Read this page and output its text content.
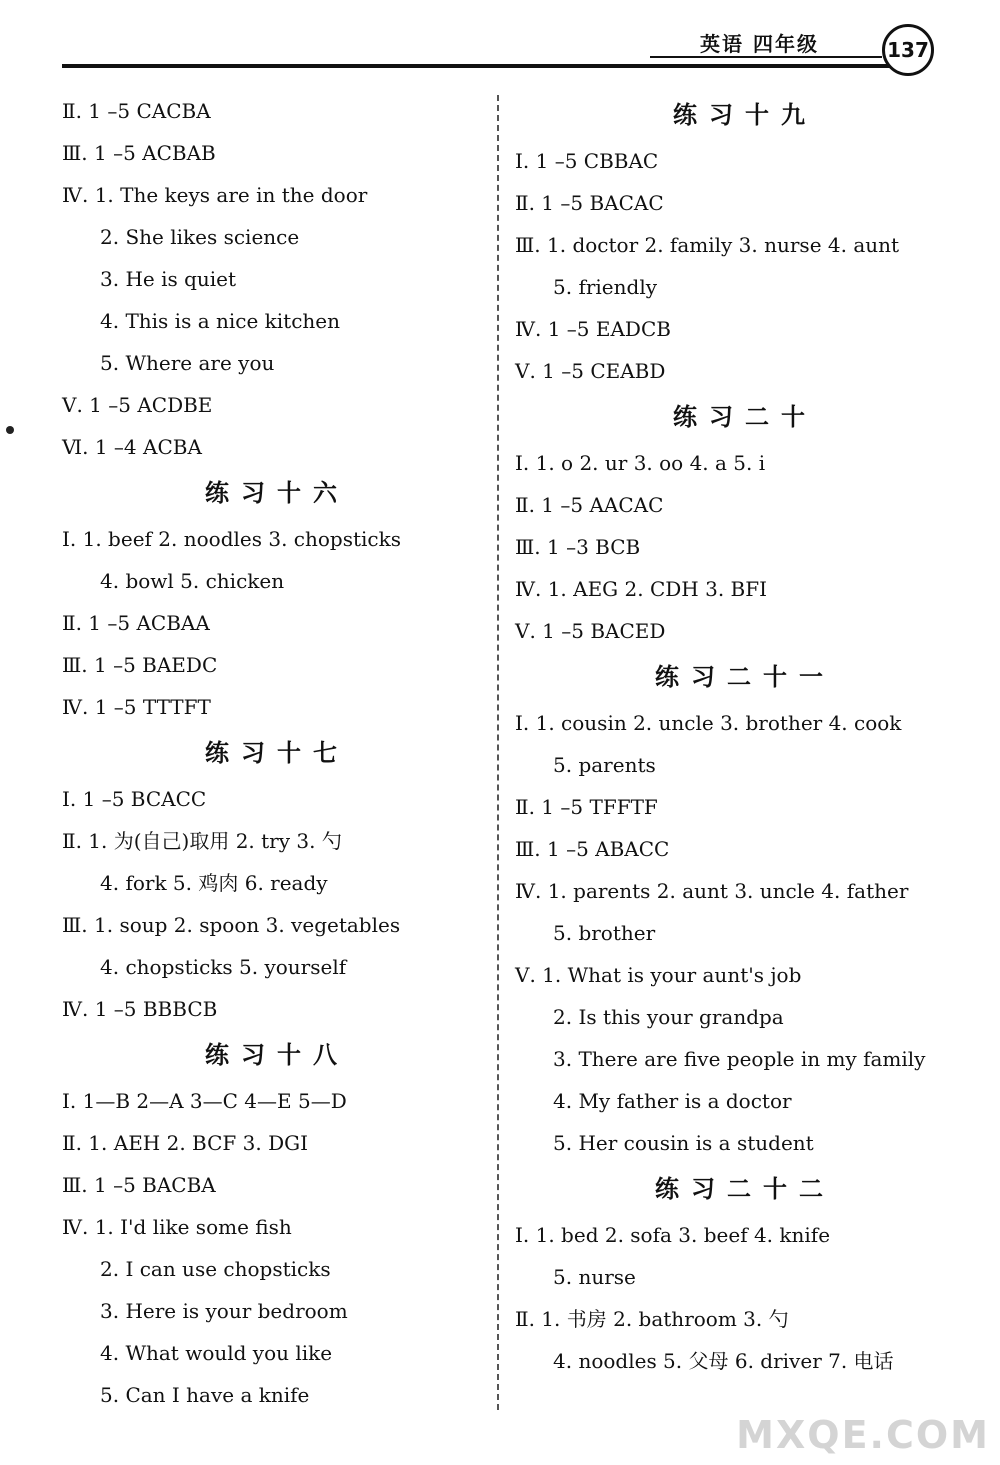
英语 四年级	137
Ⅱ. 1 –5 CACBA
Ⅲ. 1 –5 ACBAB
Ⅳ. 1. The keys are in the door
2. She likes science
3. He is quiet
4. This is a nice kitchen
5. Where are you
Ⅴ. 1 –5 ACDBE
Ⅵ. 1 –4 ACBA
练习十六
Ⅰ. 1. beef 2. noodles 3. chopsticks
4. bowl 5. chicken
Ⅱ. 1 –5 ACBAA
Ⅲ. 1 –5 BAEDC
Ⅳ. 1 –5 TTTFT
练习十七
Ⅰ. 1 –5 BCACC
Ⅱ. 1. 为(自己)取用 2. try 3. 勺
4. fork 5. 鸡肉 6. ready
Ⅲ. 1. soup 2. spoon 3. vegetables
4. chopsticks 5. yourself
Ⅳ. 1 –5 BBBCB
练习十八
Ⅰ. 1—B 2—A 3—C 4—E 5—D
Ⅱ. 1. AEH 2. BCF 3. DGI
Ⅲ. 1 –5 BACBA
Ⅳ. 1. I'd like some fish
2. I can use chopsticks
3. Here is your bedroom
4. What would you like
5. Can I have a knife
练习十九
Ⅰ. 1 –5 CBBAC
Ⅱ. 1 –5 BACAC
Ⅲ. 1. doctor 2. family 3. nurse 4. aunt
5. friendly
Ⅳ. 1 –5 EADCB
Ⅴ. 1 –5 CEABD
练习二十
Ⅰ. 1. o 2. ur 3. oo 4. a 5. i
Ⅱ. 1 –5 AACAC
Ⅲ. 1 –3 BCB
Ⅳ. 1. AEG 2. CDH 3. BFI
Ⅴ. 1 –5 BACED
练习二十一
Ⅰ. 1. cousin 2. uncle 3. brother 4. cook
5. parents
Ⅱ. 1 –5 TFFTF
Ⅲ. 1 –5 ABACC
Ⅳ. 1. parents 2. aunt 3. uncle 4. father
5. brother
Ⅴ. 1. What is your aunt's job
2. Is this your grandpa
3. There are five people in my family
4. My father is a doctor
5. Her cousin is a student
练习二十二
Ⅰ. 1. bed 2. sofa 3. beef 4. knife
5. nurse
Ⅱ. 1. 书房 2. bathroom 3. 勺
4. noodles 5. 父母 6. driver 7. 电话
MXQE.COM
